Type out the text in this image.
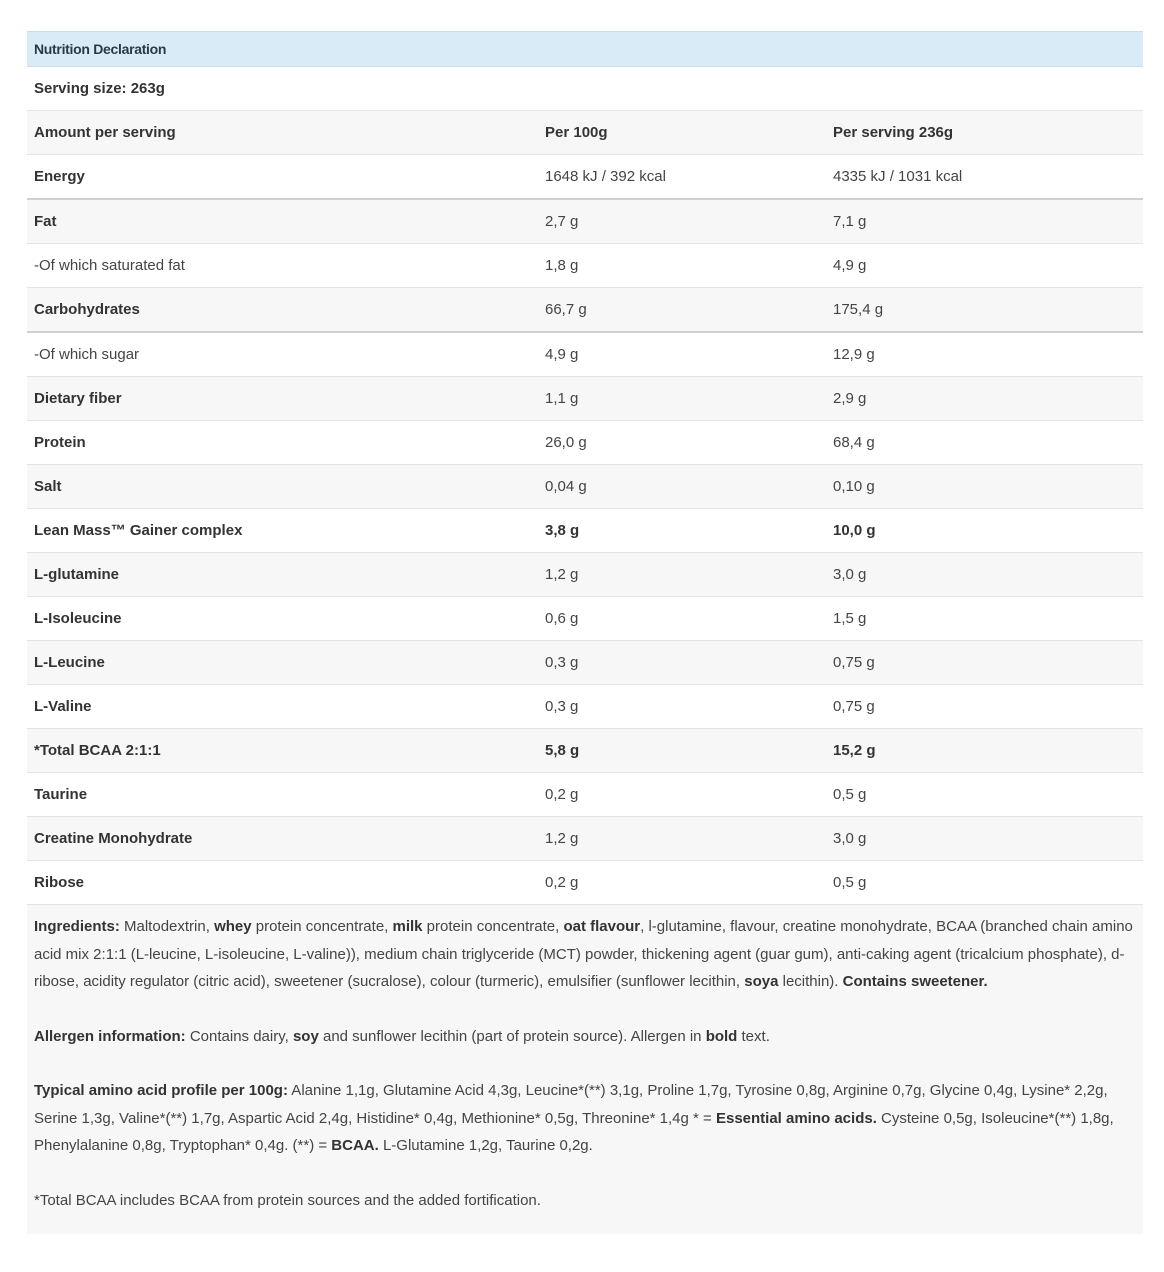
Nutrition Declaration
Serving size: 263g
Amount per serving	Per 100g	Per serving 236g
Energy	1648 kJ / 392 kcal	4335 kJ / 1031 kcal
Fat	2,7 g	7,1 g
-Of which saturated fat	1,8 g	4,9 g
Carbohydrates	66,7 g	175,4 g
-Of which sugar	4,9 g	12,9 g
Dietary fiber	1,1 g	2,9 g
Protein	26,0 g	68,4 g
Salt	0,04 g	0,10 g
Lean Mass™ Gainer complex	3,8 g	10,0 g
L-glutamine	1,2 g	3,0 g
L-Isoleucine	0,6 g	1,5 g
L-Leucine	0,3 g	0,75 g
L-Valine	0,3 g	0,75 g
*Total BCAA 2:1:1	5,8 g	15,2 g
Taurine	0,2 g	0,5 g
Creatine Monohydrate	1,2 g	3,0 g
Ribose	0,2 g	0,5 g

Ingredients: Maltodextrin, whey protein concentrate, milk protein concentrate, oat flavour, l-glutamine, flavour, creatine monohydrate, BCAA (branched chain amino acid mix 2:1:1 (L-leucine, L-isoleucine, L-valine)), medium chain triglyceride (MCT) powder, thickening agent (guar gum), anti-caking agent (tricalcium phosphate), d-ribose, acidity regulator (citric acid), sweetener (sucralose), colour (turmeric), emulsifier (sunflower lecithin, soya lecithin). Contains sweetener.

Allergen information: Contains dairy, soy and sunflower lecithin (part of protein source). Allergen in bold text.

Typical amino acid profile per 100g: Alanine 1,1g, Glutamine Acid 4,3g, Leucine*(**) 3,1g, Proline 1,7g, Tyrosine 0,8g, Arginine 0,7g, Glycine 0,4g, Lysine* 2,2g, Serine 1,3g, Valine*(**) 1,7g, Aspartic Acid 2,4g, Histidine* 0,4g, Methionine* 0,5g, Threonine* 1,4g * = Essential amino acids. Cysteine 0,5g, Isoleucine*(**) 1,8g, Phenylalanine 0,8g, Tryptophan* 0,4g. (**) = BCAA. L-Glutamine 1,2g, Taurine 0,2g.

*Total BCAA includes BCAA from protein sources and the added fortification.
